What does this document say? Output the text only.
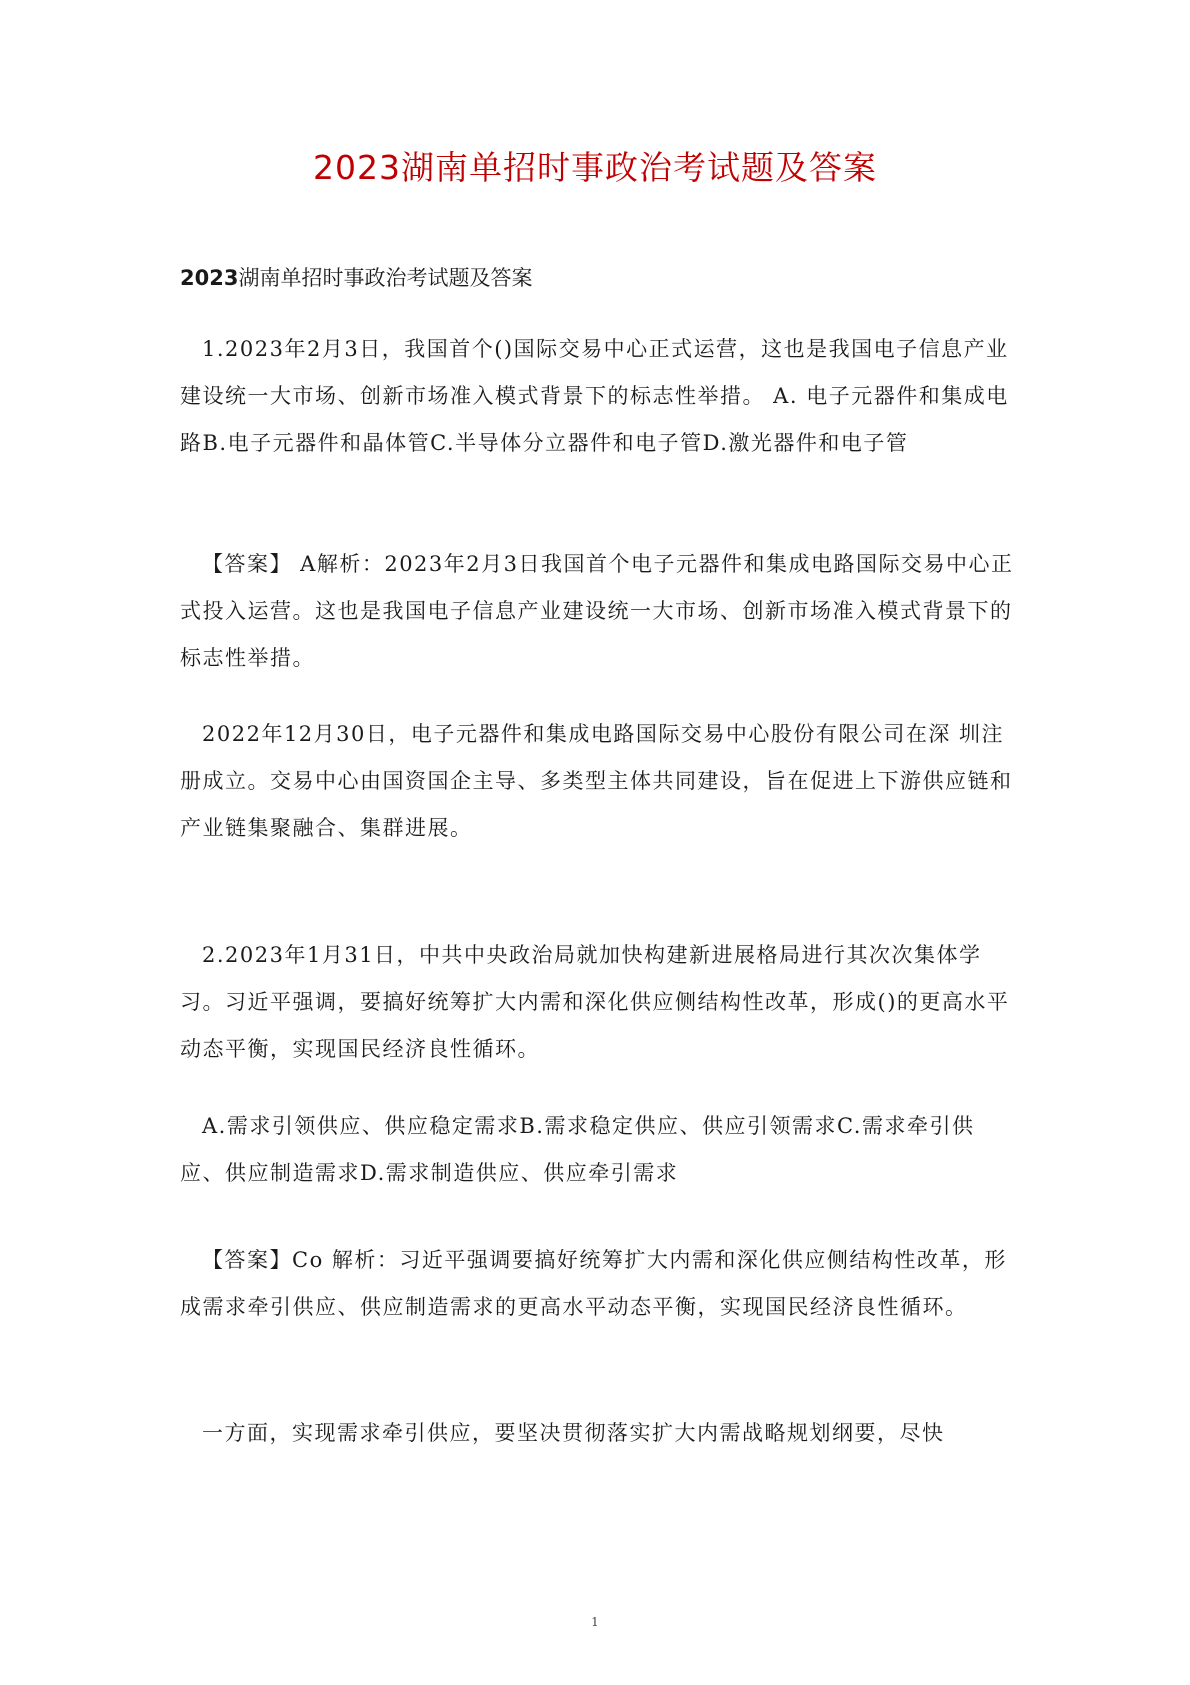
2023湖南单招时事政治考试题及答案
2023湖南单招时事政治考试题及答案

1.2023年2月3日，我国首个()国际交易中心正式运营，这也是我国电子信息产业建设统一大市场、创新市场准入模式背景下的标志性举措。 A. 电子元器件和集成电路B.电子元器件和晶体管C.半导体分立器件和电子管D.激光器件和电子管

【答案】 A解析：2023年2月3日我国首个电子元器件和集成电路国际交易中心正式投入运营。这也是我国电子信息产业建设统一大市场、创新市场准入模式背景下的标志性举措。

2022年12月30日，电子元器件和集成电路国际交易中心股份有限公司在深 圳注册成立。交易中心由国资国企主导、多类型主体共同建设，旨在促进上下游供应链和产业链集聚融合、集群进展。

2.2023年1月31日，中共中央政治局就加快构建新进展格局进行其次次集体学习。习近平强调，要搞好统筹扩大内需和深化供应侧结构性改革，形成()的更高水平动态平衡，实现国民经济良性循环。

A.需求引领供应、供应稳定需求B.需求稳定供应、供应引领需求C.需求牵引供应、供应制造需求D.需求制造供应、供应牵引需求

【答案】Co 解析：习近平强调要搞好统筹扩大内需和深化供应侧结构性改革，形成需求牵引供应、供应制造需求的更高水平动态平衡，实现国民经济良性循环。

一方面，实现需求牵引供应，要坚决贯彻落实扩大内需战略规划纲要，尽快

1
